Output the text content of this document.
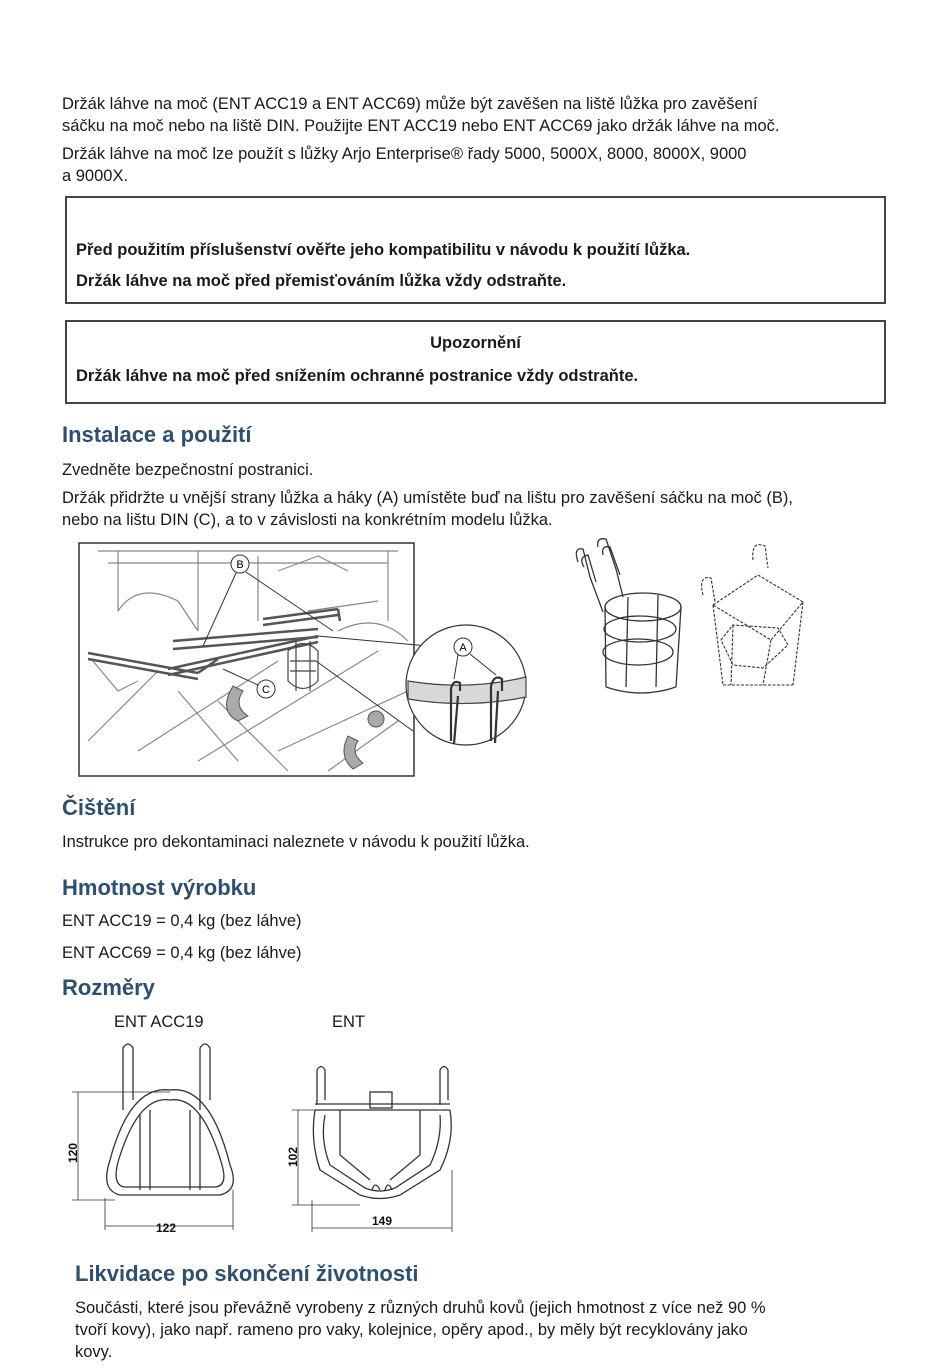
Držák láhve na moč (ENT ACC19 a ENT ACC69) může být zavěšen na liště lůžka pro zavěšení

sáčku na moč nebo na liště DIN. Použijte ENT ACC19 nebo ENT ACC69 jako držák láhve na moč.

Držák láhve na moč lze použít s lůžky Arjo Enterprise® řady 5000, 5000X, 8000, 8000X, 9000

a 9000X.

Před použitím příslušenství ověřte jeho kompatibilitu v návodu k použití lůžka.
Držák láhve na moč před přemisťováním lůžka vždy odstraňte.
Upozornění
Držák láhve na moč před snížením ochranné postranice vždy odstraňte.
Instalace a použití

Zvedněte bezpečnostní postranici.

Držák přidržte u vnější strany lůžka a háky (A) umístěte buď na lištu pro zavěšení sáčku na moč (B),

nebo na lištu DIN (C), a to v závislosti na konkrétním modelu lůžka.

B
C
A
Čištění

Instrukce pro dekontaminaci naleznete v návodu k použití lůžka.

Hmotnost výrobku

ENT ACC19 = 0,4 kg (bez láhve)

ENT ACC69 = 0,4 kg (bez láhve)

Rozměry

ENT ACC19	ENT

120
122
102
149
Likvidace po skončení životnosti

Součásti, které jsou převážně vyrobeny z různých druhů kovů (jejich hmotnost z více než 90 %

tvoří kovy), jako např. rameno pro vaky, kolejnice, opěry apod., by měly být recyklovány jako

kovy.
